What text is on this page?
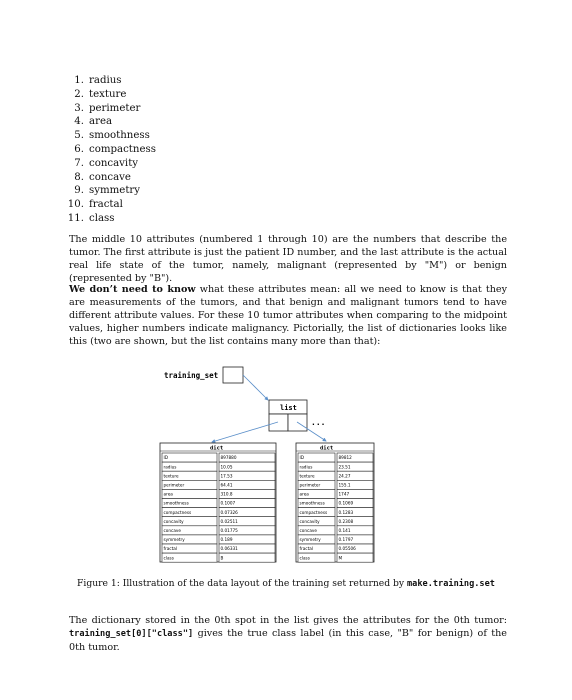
1. radius
2. texture
3. perimeter
4. area
5. smoothness
6. compactness
7. concavity
8. concave
9. symmetry
10. fractal
11. class

The middle 10 attributes (numbered 1 through 10) are the numbers that describe the tumor. The first attribute is just the patient ID number, and the last attribute is the actual real life state of the tumor, namely, malignant (represented by "M") or benign (represented by "B").

We don’t need to know what these attributes mean: all we need to know is that they are measurements of the tumors, and that benign and malignant tumors tend to have different attribute values. For these 10 tumor attributes when comparing to the midpoint values, higher numbers indicate malignancy. Pictorially, the list of dictionaries looks like this (two are shown, but the list contains many more than that):

training_set
list
...
dict
ID	897880
radius	10.05
texture	17.53
perimeter	64.41
area	310.8
smoothness	0.1007
compactness	0.07326
concavity	0.02511
concave	0.01775
symmetry	0.189
fractal	0.06331
class	B
dict
ID	89812
radius	23.51
texture	24.27
perimeter	155.1
area	1747
smoothness	0.1069
compactness	0.1283
concavity	0.2308
concave	0.141
symmetry	0.1797
fractal	0.05506
class	M
Figure 1: Illustration of the data layout of the training set returned by make.training.set

The dictionary stored in the 0th spot in the list gives the attributes for the 0th tumor: training_set[0]["class"] gives the true class label (in this case, "B" for benign) of the 0th tumor.
